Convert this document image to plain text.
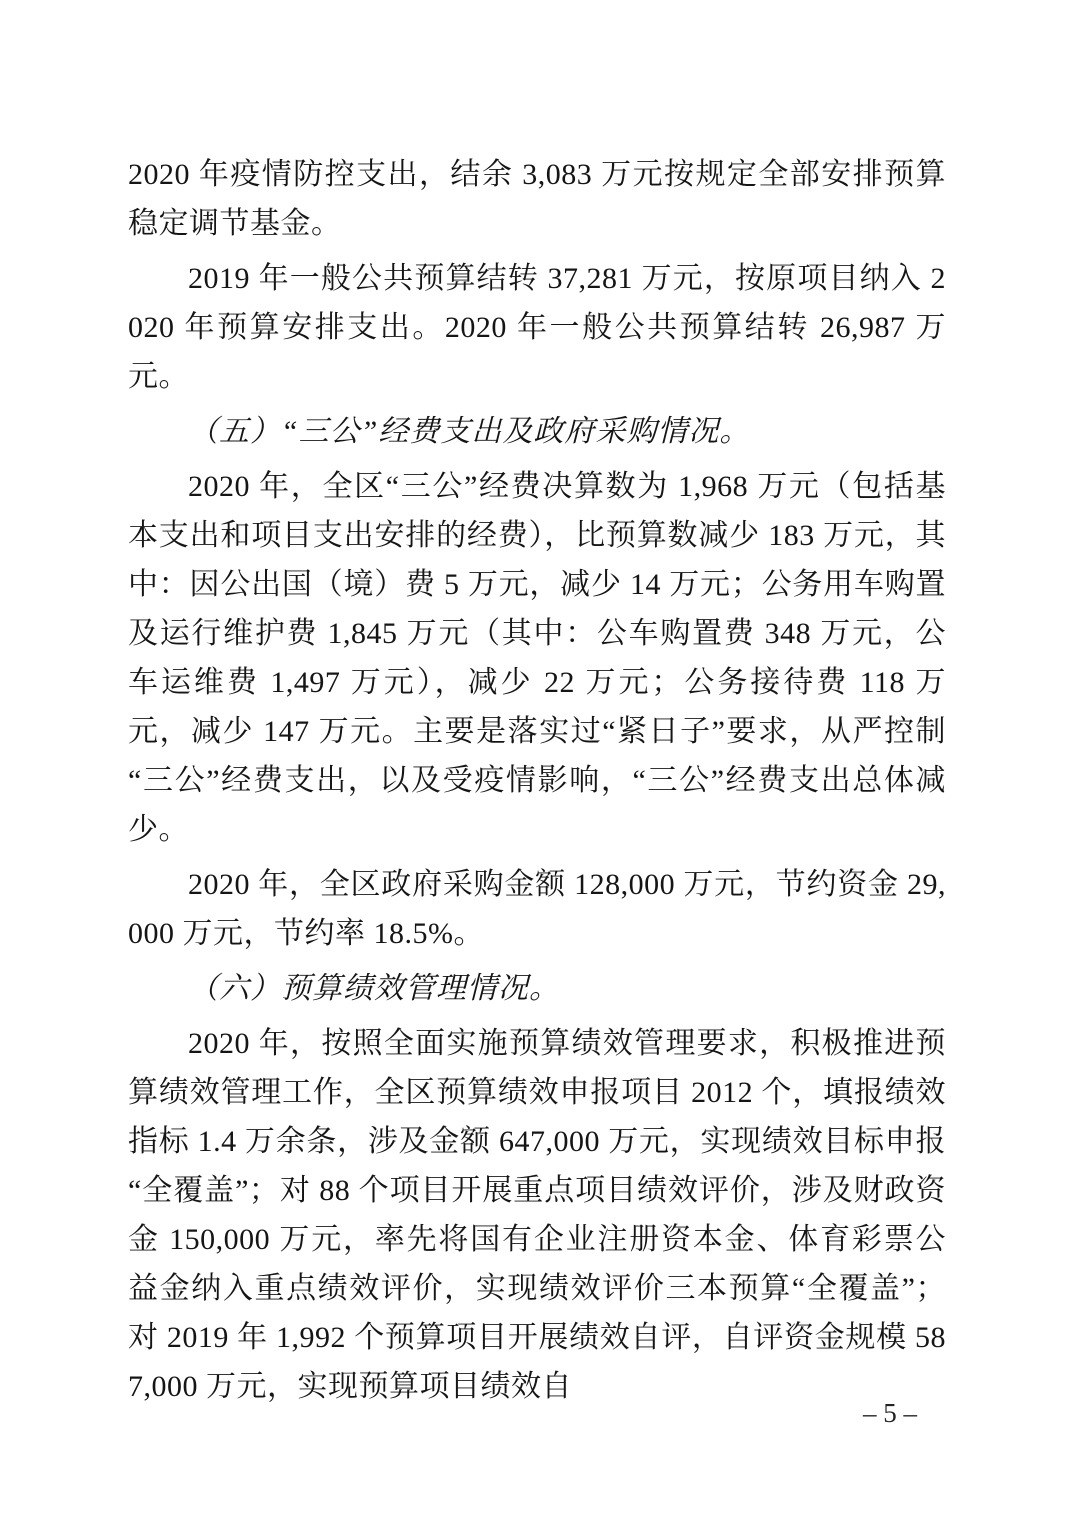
2020 年疫情防控支出，结余 3,083 万元按规定全部安排预算稳定调节基金。

2019 年一般公共预算结转 37,281 万元，按原项目纳入 2020 年预算安排支出。2020 年一般公共预算结转 26,987 万元。

（五）“三公”经费支出及政府采购情况。

2020 年，全区“三公”经费决算数为 1,968 万元（包括基本支出和项目支出安排的经费），比预算数减少 183 万元，其中：因公出国（境）费 5 万元，减少 14 万元；公务用车购置及运行维护费 1,845 万元（其中：公车购置费 348 万元，公车运维费 1,497 万元），减少 22 万元；公务接待费 118 万元，减少 147 万元。主要是落实过“紧日子”要求，从严控制“三公”经费支出，以及受疫情影响，“三公”经费支出总体减少。

2020 年，全区政府采购金额 128,000 万元，节约资金 29,000 万元，节约率 18.5%。

（六）预算绩效管理情况。

2020 年，按照全面实施预算绩效管理要求，积极推进预算绩效管理工作，全区预算绩效申报项目 2012 个，填报绩效指标 1.4 万余条，涉及金额 647,000 万元，实现绩效目标申报“全覆盖”；对 88 个项目开展重点项目绩效评价，涉及财政资金 150,000 万元，率先将国有企业注册资本金、体育彩票公益金纳入重点绩效评价，实现绩效评价三本预算“全覆盖”；对 2019 年 1,992 个预算项目开展绩效自评，自评资金规模 587,000 万元，实现预算项目绩效自

– 5 –
